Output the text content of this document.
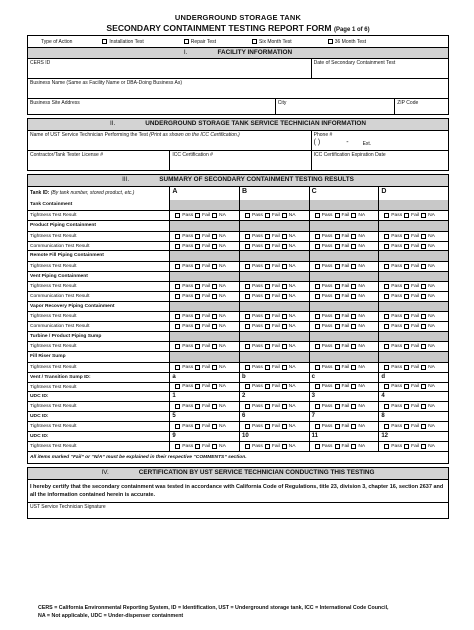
UNDERGROUND STORAGE TANK
SECONDARY CONTAINMENT TESTING REPORT FORM (Page 1 of 6)
Type of Action	Installation Test	Repair Test	Six Month Test	36 Month Test
I.	FACILITY INFORMATION
CERS ID	Date of Secondary Containment Test
Business Name (Same as Facility Name or DBA-Doing Business As)
Business Site Address	City	ZIP Code
II.	UNDERGROUND STORAGE TANK SERVICE TECHNICIAN INFORMATION
Name of UST Service Technician Performing the Test (Print as shown on the ICC Certification.)	Phone #
( )	-	Ext.
Contractor/Tank Tester License #	ICC Certification #	ICC Certification Expiration Date
III.	SUMMARY OF SECONDARY CONTAINMENT TESTING RESULTS
Tank ID: (By tank number, stored product, etc.)	A	B	C	D
Tank Containment
Tightness Test Result	Pass Fail NA	Pass Fail NA	Pass Fail NA	Pass Fail NA
Product Piping Containment
Tightness Test Result	Pass Fail NA	Pass Fail NA	Pass Fail NA	Pass Fail NA
Communication Test Result	Pass Fail NA	Pass Fail NA	Pass Fail NA	Pass Fail NA
Remote Fill Piping Containment
Tightness Test Result	Pass Fail NA	Pass Fail NA	Pass Fail NA	Pass Fail NA
Vent Piping Containment
Tightness Test Result	Pass Fail NA	Pass Fail NA	Pass Fail NA	Pass Fail NA
Communication Test Result	Pass Fail NA	Pass Fail NA	Pass Fail NA	Pass Fail NA
Vapor Recovery Piping Containment
Tightness Test Result	Pass Fail NA	Pass Fail NA	Pass Fail NA	Pass Fail NA
Communication Test Result	Pass Fail NA	Pass Fail NA	Pass Fail NA	Pass Fail NA
Turbine / Product Piping Sump
Tightness Test Result	Pass Fail NA	Pass Fail NA	Pass Fail NA	Pass Fail NA
Fill Riser Sump
Tightness Test Result	Pass Fail NA	Pass Fail NA	Pass Fail NA	Pass Fail NA
Vent / Transition Sump ID:	a	b	c	d
Tightness Test Result	Pass Fail NA	Pass Fail NA	Pass Fail NA	Pass Fail NA
UDC ID:	1	2	3	4
Tightness Test Result	Pass Fail NA	Pass Fail NA	Pass Fail NA	Pass Fail NA
UDC ID:	5	6	7	8
Tightness Test Result	Pass Fail NA	Pass Fail NA	Pass Fail NA	Pass Fail NA
UDC ID:	9	10	11	12
Tightness Test Result	Pass Fail NA	Pass Fail NA	Pass Fail NA	Pass Fail NA
All items marked “Fail” or “N/A” must be explained in their respective “COMMENTS” section.
IV.	CERTIFICATION BY UST SERVICE TECHNICIAN CONDUCTING THIS TESTING
I hereby certify that the secondary containment was tested in accordance with California Code of Regulations, title 23, division 3, chapter 16, section 2637 and all the information contained herein is accurate.
UST Service Technician Signature
CERS = California Environmental Reporting System, ID = Identification, UST = Underground storage tank, ICC = International Code Council,
NA = Not applicable, UDC = Under-dispenser containment
